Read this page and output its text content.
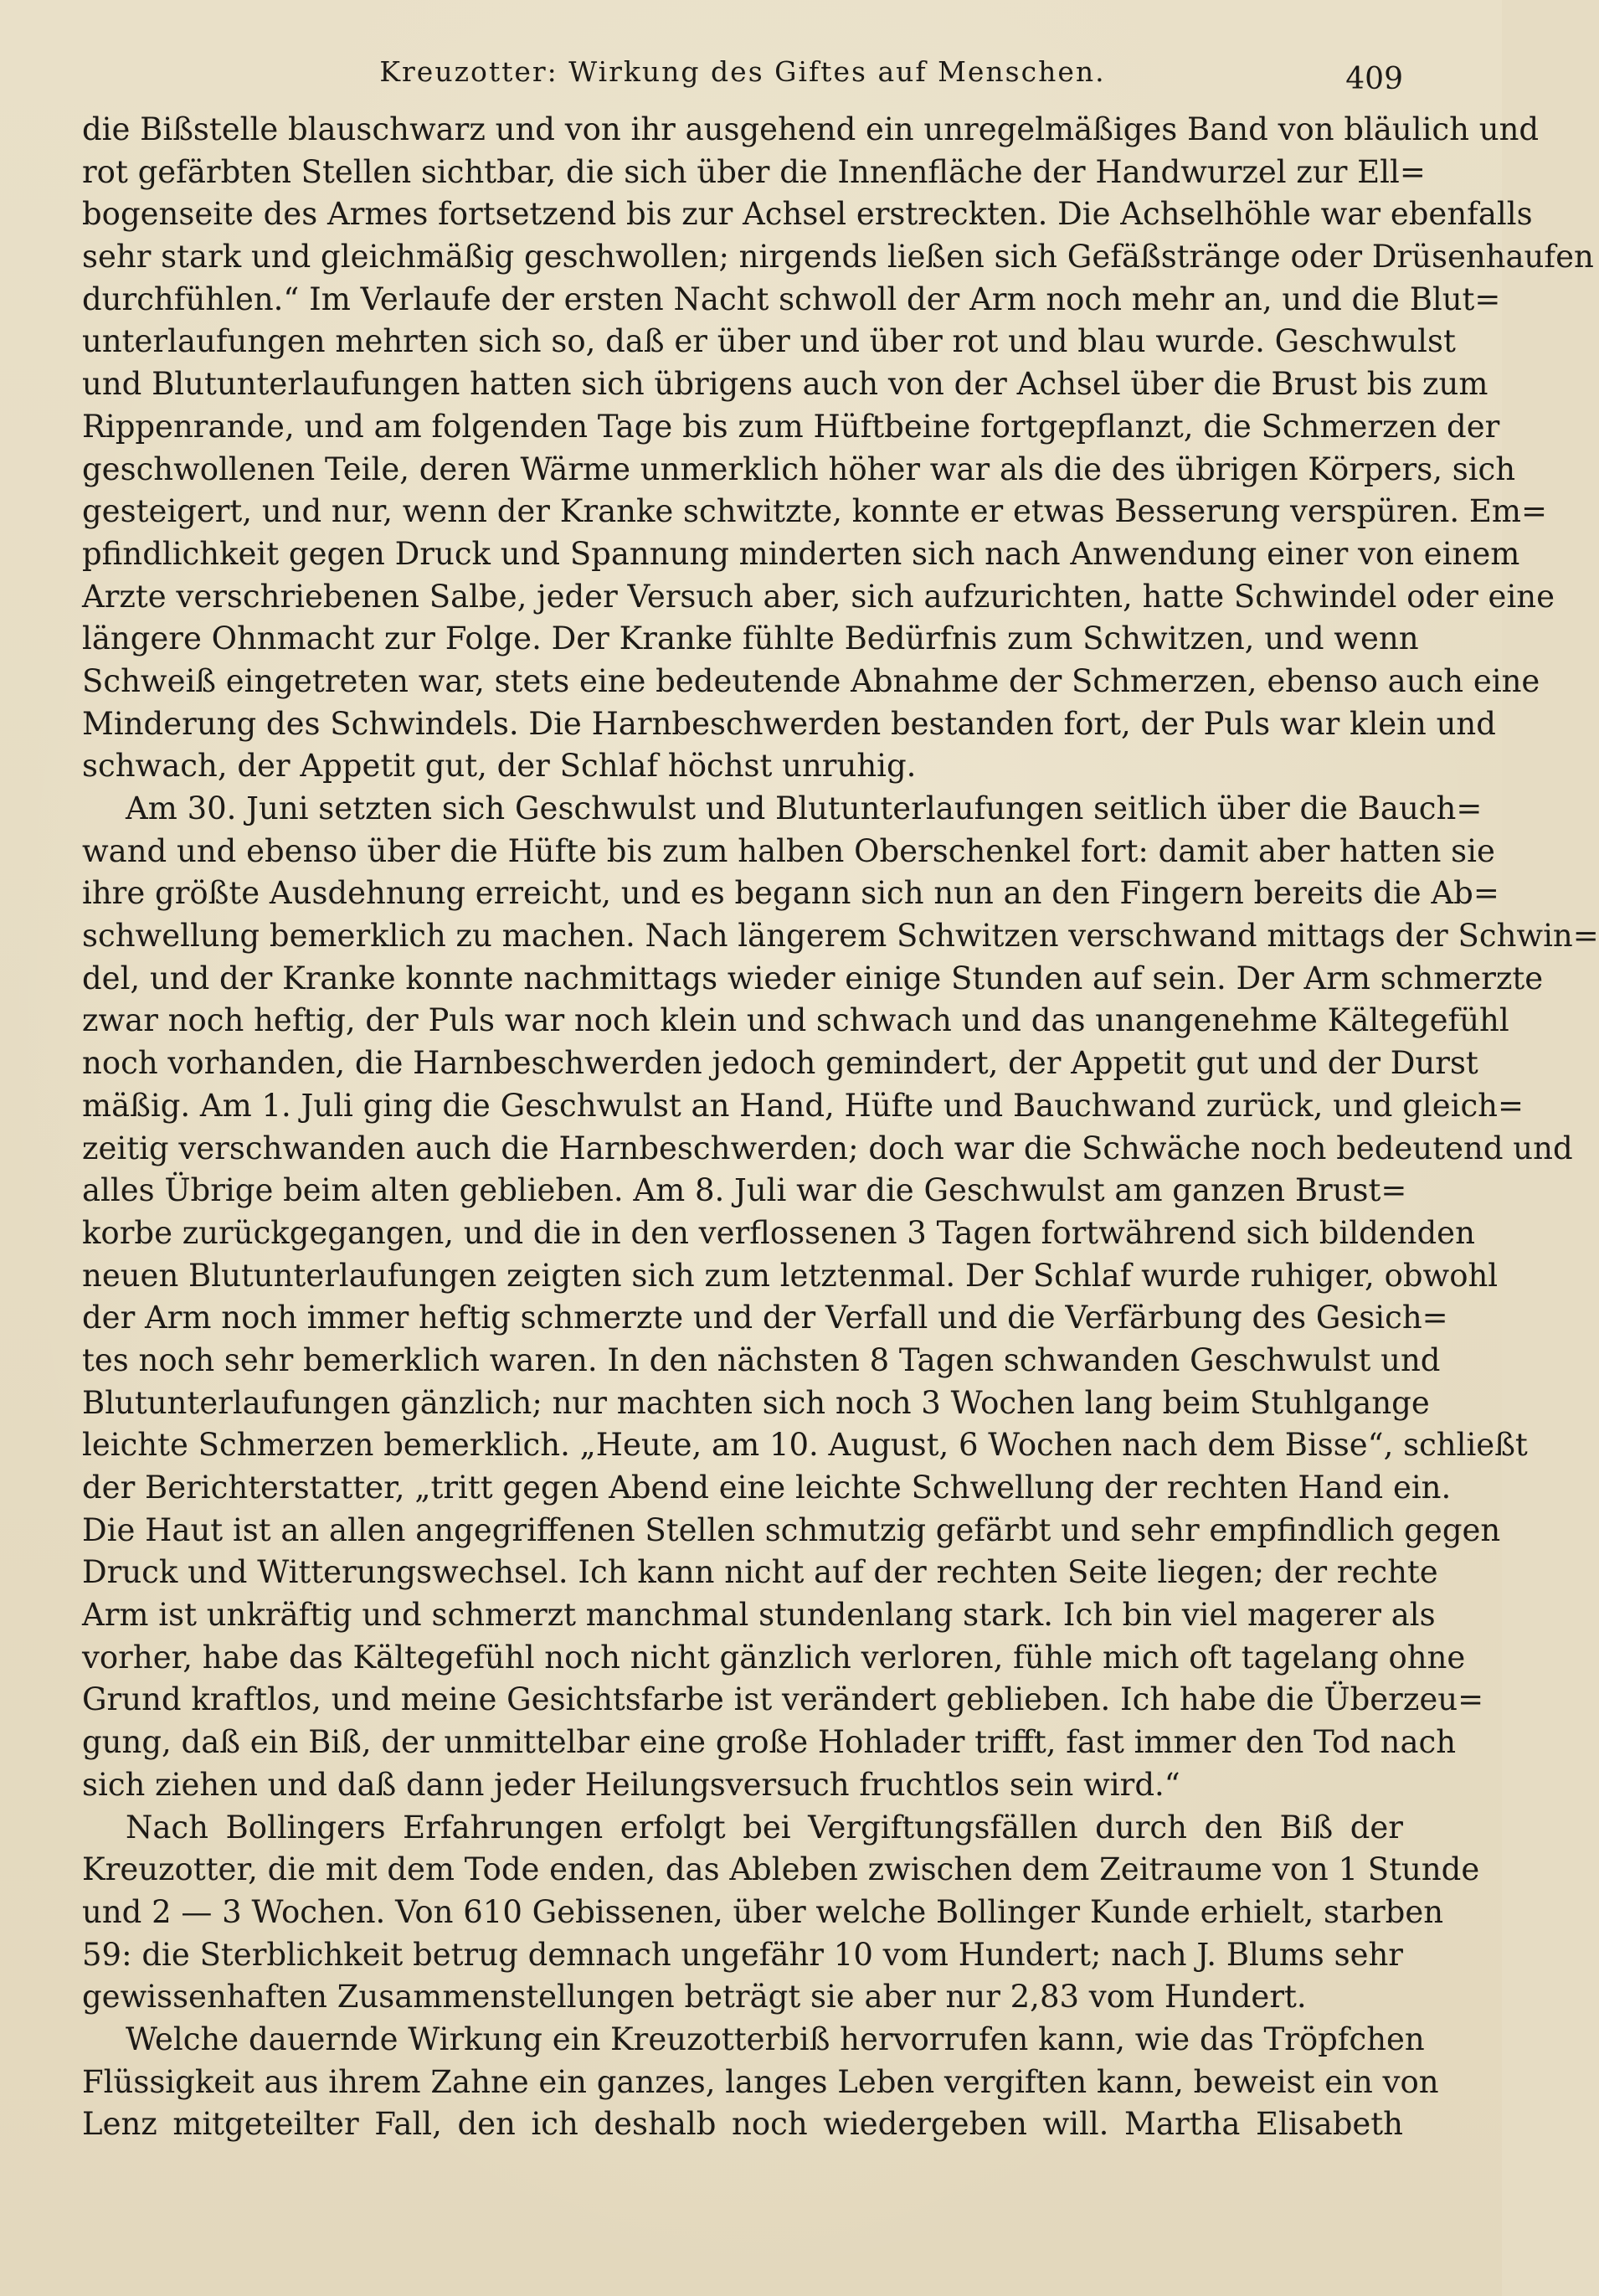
Kreuzotter: Wirkung des Giftes auf Menschen.	409
die Bißstelle blauschwarz und von ihr ausgehend ein unregelmäßiges Band von bläulich und
rot gefärbten Stellen sichtbar, die sich über die Innenfläche der Handwurzel zur Ell=
bogenseite des Armes fortsetzend bis zur Achsel erstreckten. Die Achselhöhle war ebenfalls
sehr stark und gleichmäßig geschwollen; nirgends ließen sich Gefäßstränge oder Drüsenhaufen
durchfühlen.“ Im Verlaufe der ersten Nacht schwoll der Arm noch mehr an, und die Blut=
unterlaufungen mehrten sich so, daß er über und über rot und blau wurde. Geschwulst
und Blutunterlaufungen hatten sich übrigens auch von der Achsel über die Brust bis zum
Rippenrande, und am folgenden Tage bis zum Hüftbeine fortgepflanzt, die Schmerzen der
geschwollenen Teile, deren Wärme unmerklich höher war als die des übrigen Körpers, sich
gesteigert, und nur, wenn der Kranke schwitzte, konnte er etwas Besserung verspüren. Em=
pfindlichkeit gegen Druck und Spannung minderten sich nach Anwendung einer von einem
Arzte verschriebenen Salbe, jeder Versuch aber, sich aufzurichten, hatte Schwindel oder eine
längere Ohnmacht zur Folge. Der Kranke fühlte Bedürfnis zum Schwitzen, und wenn
Schweiß eingetreten war, stets eine bedeutende Abnahme der Schmerzen, ebenso auch eine
Minderung des Schwindels. Die Harnbeschwerden bestanden fort, der Puls war klein und
schwach, der Appetit gut, der Schlaf höchst unruhig.
Am 30. Juni setzten sich Geschwulst und Blutunterlaufungen seitlich über die Bauch=
wand und ebenso über die Hüfte bis zum halben Oberschenkel fort: damit aber hatten sie
ihre größte Ausdehnung erreicht, und es begann sich nun an den Fingern bereits die Ab=
schwellung bemerklich zu machen. Nach längerem Schwitzen verschwand mittags der Schwin=
del, und der Kranke konnte nachmittags wieder einige Stunden auf sein. Der Arm schmerzte
zwar noch heftig, der Puls war noch klein und schwach und das unangenehme Kältegefühl
noch vorhanden, die Harnbeschwerden jedoch gemindert, der Appetit gut und der Durst
mäßig. Am 1. Juli ging die Geschwulst an Hand, Hüfte und Bauchwand zurück, und gleich=
zeitig verschwanden auch die Harnbeschwerden; doch war die Schwäche noch bedeutend und
alles Übrige beim alten geblieben. Am 8. Juli war die Geschwulst am ganzen Brust=
korbe zurückgegangen, und die in den verflossenen 3 Tagen fortwährend sich bildenden
neuen Blutunterlaufungen zeigten sich zum letztenmal. Der Schlaf wurde ruhiger, obwohl
der Arm noch immer heftig schmerzte und der Verfall und die Verfärbung des Gesich=
tes noch sehr bemerklich waren. In den nächsten 8 Tagen schwanden Geschwulst und
Blutunterlaufungen gänzlich; nur machten sich noch 3 Wochen lang beim Stuhlgange
leichte Schmerzen bemerklich. „Heute, am 10. August, 6 Wochen nach dem Bisse“, schließt
der Berichterstatter, „tritt gegen Abend eine leichte Schwellung der rechten Hand ein.
Die Haut ist an allen angegriffenen Stellen schmutzig gefärbt und sehr empfindlich gegen
Druck und Witterungswechsel. Ich kann nicht auf der rechten Seite liegen; der rechte
Arm ist unkräftig und schmerzt manchmal stundenlang stark. Ich bin viel magerer als
vorher, habe das Kältegefühl noch nicht gänzlich verloren, fühle mich oft tagelang ohne
Grund kraftlos, und meine Gesichtsfarbe ist verändert geblieben. Ich habe die Überzeu=
gung, daß ein Biß, der unmittelbar eine große Hohlader trifft, fast immer den Tod nach
sich ziehen und daß dann jeder Heilungsversuch fruchtlos sein wird.“
Nach Bollingers Erfahrungen erfolgt bei Vergiftungsfällen durch den Biß der
Kreuzotter, die mit dem Tode enden, das Ableben zwischen dem Zeitraume von 1 Stunde
und 2 — 3 Wochen. Von 610 Gebissenen, über welche Bollinger Kunde erhielt, starben
59: die Sterblichkeit betrug demnach ungefähr 10 vom Hundert; nach J. Blums sehr
gewissenhaften Zusammenstellungen beträgt sie aber nur 2,83 vom Hundert.
Welche dauernde Wirkung ein Kreuzotterbiß hervorrufen kann, wie das Tröpfchen
Flüssigkeit aus ihrem Zahne ein ganzes, langes Leben vergiften kann, beweist ein von
Lenz mitgeteilter Fall, den ich deshalb noch wiedergeben will. Martha Elisabeth
